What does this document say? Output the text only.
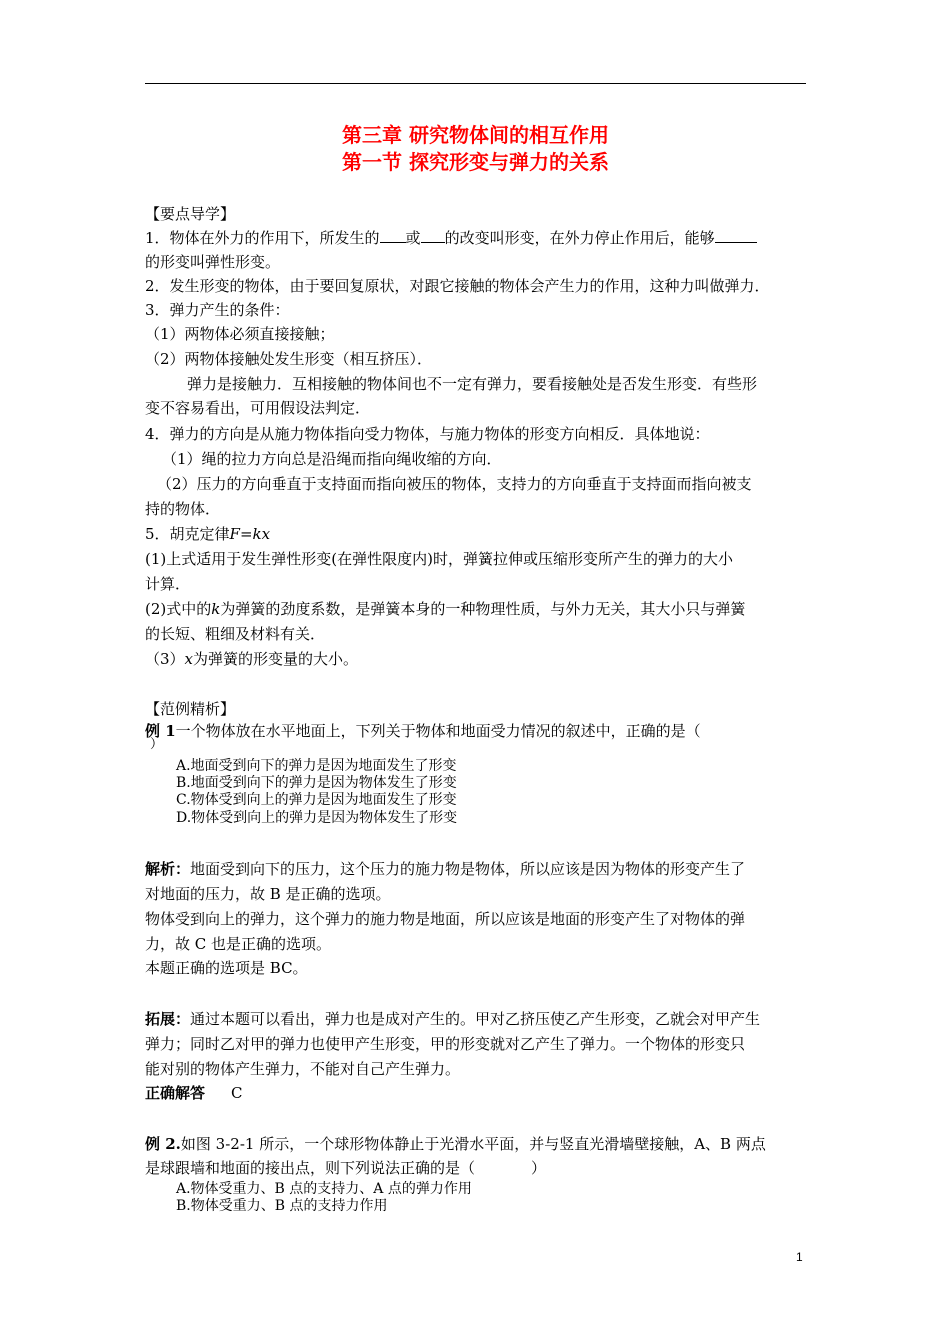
第三章 研究物体间的相互作用
第一节 探究形变与弹力的关系
【要点导学】
1．物体在外力的作用下，所发生的 或 的改变叫形变，在外力停止作用后，能够
的形变叫弹性形变。
2．发生形变的物体，由于要回复原状，对跟它接触的物体会产生力的作用，这种力叫做弹力．
3．弹力产生的条件：
（1）两物体必须直接接触；
（2）两物体接触处发生形变（相互挤压）．
弹力是接触力．互相接触的物体间也不一定有弹力，要看接触处是否发生形变．有些形
变不容易看出，可用假设法判定．
4．弹力的方向是从施力物体指向受力物体，与施力物体的形变方向相反．具体地说：
（1）绳的拉力方向总是沿绳而指向绳收缩的方向．
（2）压力的方向垂直于支持面而指向被压的物体，支持力的方向垂直于支持面而指向被支
持的物体．
5．胡克定律F=kx
(1)上式适用于发生弹性形变(在弹性限度内)时，弹簧拉伸或压缩形变所产生的弹力的大小
计算．
(2)式中的k为弹簧的劲度系数，是弹簧本身的一种物理性质，与外力无关，其大小只与弹簧
的长短、粗细及材料有关．
（3）x为弹簧的形变量的大小。
【范例精析】
例 1一个物体放在水平地面上，下列关于物体和地面受力情况的叙述中，正确的是（
）
A.地面受到向下的弹力是因为地面发生了形变
B.地面受到向下的弹力是因为物体发生了形变
C.物体受到向上的弹力是因为地面发生了形变
D.物体受到向上的弹力是因为物体发生了形变
解析：地面受到向下的压力，这个压力的施力物是物体，所以应该是因为物体的形变产生了
对地面的压力，故 B 是正确的选项。
物体受到向上的弹力，这个弹力的施力物是地面，所以应该是地面的形变产生了对物体的弹
力，故 C 也是正确的选项。
本题正确的选项是 BC。
拓展：通过本题可以看出，弹力也是成对产生的。甲对乙挤压使乙产生形变，乙就会对甲产生
弹力；同时乙对甲的弹力也使甲产生形变，甲的形变就对乙产生了弹力。一个物体的形变只
能对别的物体产生弹力，不能对自己产生弹力。
正确解答 C
例 2.如图 3-2-1 所示，一个球形物体静止于光滑水平面，并与竖直光滑墙壁接触，A、B 两点
是球跟墙和地面的接出点，则下列说法正确的是（	）
A.物体受重力、B 点的支持力、A 点的弹力作用
B.物体受重力、B 点的支持力作用
1
